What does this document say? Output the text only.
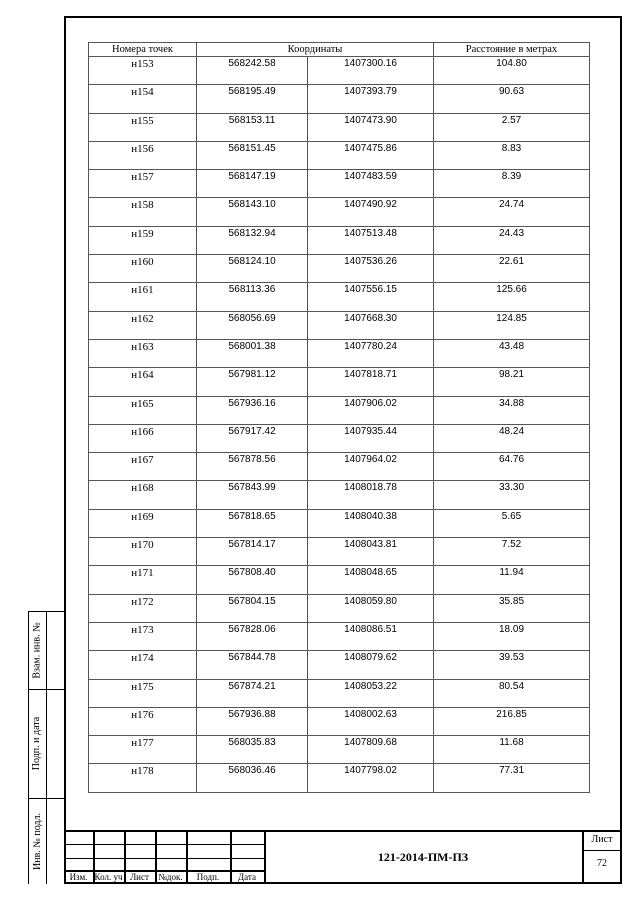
Взам. инв. №
Подп. и дата
Инв. № подл.
Номера точек	Координаты		Расстояние в метрах
н153	568242.58	1407300.16	104.80
н154	568195.49	1407393.79	90.63
н155	568153.11	1407473.90	2.57
н156	568151.45	1407475.86	8.83
н157	568147.19	1407483.59	8.39
н158	568143.10	1407490.92	24.74
н159	568132.94	1407513.48	24.43
н160	568124.10	1407536.26	22.61
н161	568113.36	1407556.15	125.66
н162	568056.69	1407668.30	124.85
н163	568001.38	1407780.24	43.48
н164	567981.12	1407818.71	98.21
н165	567936.16	1407906.02	34.88
н166	567917.42	1407935.44	48.24
н167	567878.56	1407964.02	64.76
н168	567843.99	1408018.78	33.30
н169	567818.65	1408040.38	5.65
н170	567814.17	1408043.81	7.52
н171	567808.40	1408048.65	11.94
н172	567804.15	1408059.80	35.85
н173	567828.06	1408086.51	18.09
н174	567844.78	1408079.62	39.53
н175	567874.21	1408053.22	80.54
н176	567936.88	1408002.63	216.85
н177	568035.83	1407809.68	11.68
н178	568036.46	1407798.02	77.31
Изм. Кол. уч Лист	№док.	Подп.	Дата
121-2014-ПМ-ПЗ
Лист
72
